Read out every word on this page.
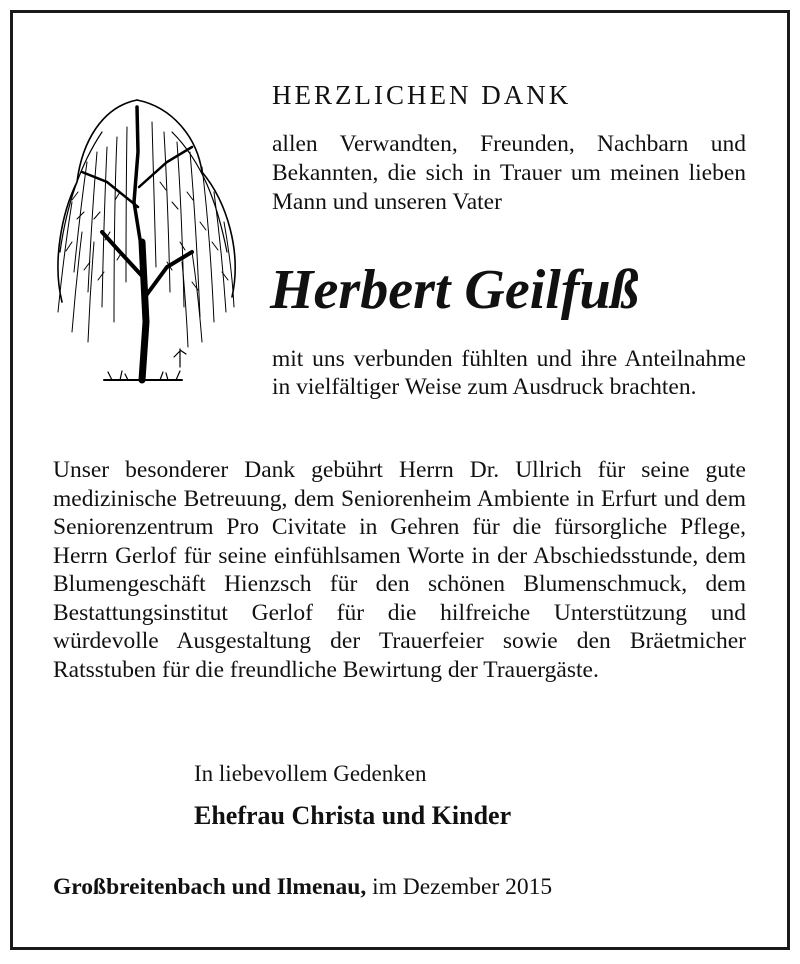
HERZLICHEN DANK
allen Verwandten, Freunden, Nachbarn und Bekannten, die sich in Trauer um meinen lieben Mann und unseren Vater
Herbert Geilfuß
mit uns verbunden fühlten und ihre Anteilnahme in vielfältiger Weise zum Ausdruck brachten.
Unser besonderer Dank gebührt Herrn Dr. Ullrich für seine gute medizinische Betreuung, dem Seniorenheim Ambiente in Erfurt und dem Seniorenzentrum Pro Civitate in Gehren für die fürsorgliche Pflege, Herrn Gerlof für seine einfühlsamen Worte in der Abschiedsstunde, dem Blumengeschäft Hienzsch für den schönen Blumenschmuck, dem Bestattungsinstitut Gerlof für die hilfreiche Unterstützung und würdevolle Ausgestaltung der Trauerfeier sowie den Bräetmicher Ratsstuben für die freundliche Bewirtung der Trauergäste.
In liebevollem Gedenken
Ehefrau Christa und Kinder
Großbreitenbach und Ilmenau, im Dezember 2015
